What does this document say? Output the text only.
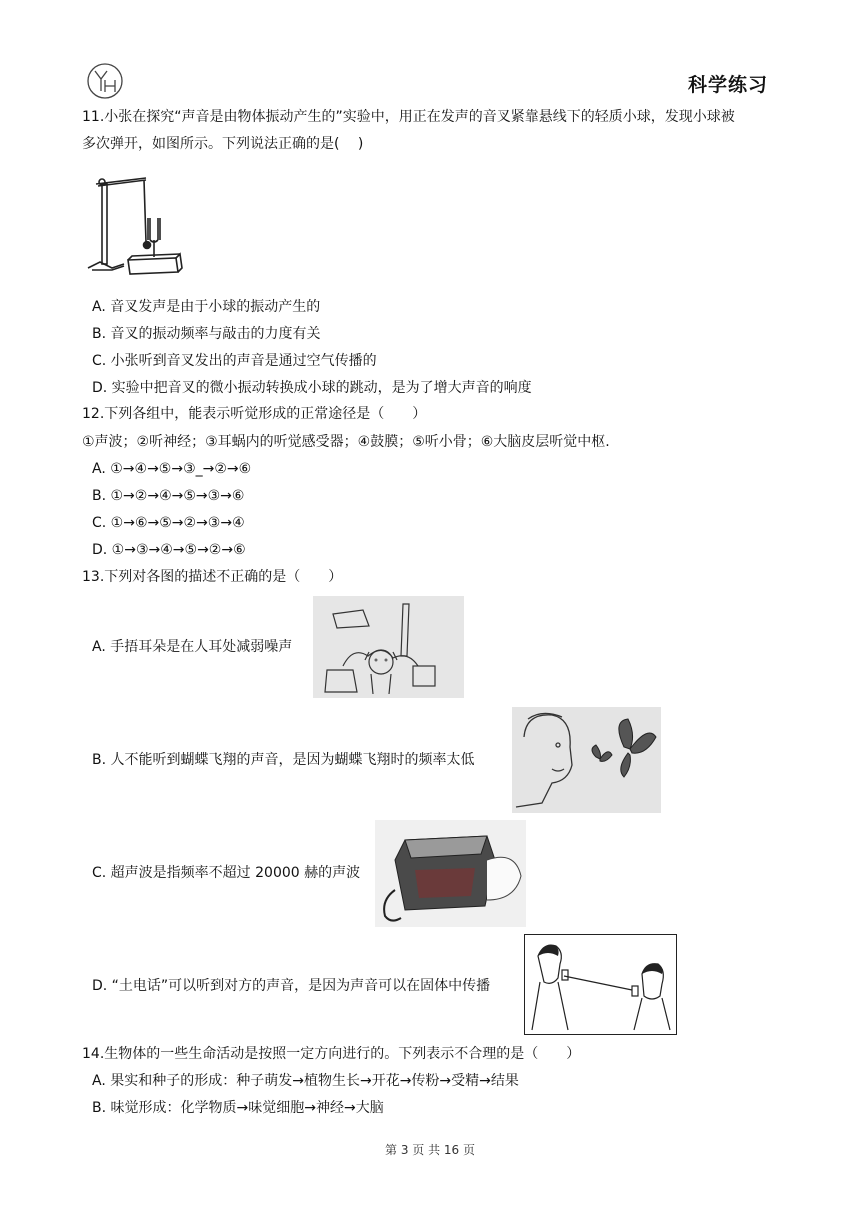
科学练习
11.小张在探究“声音是由物体振动产生的”实验中，用正在发声的音叉紧靠悬线下的轻质小球，发现小球被
多次弹开，如图所示。下列说法正确的是(　 )
A. 音叉发声是由于小球的振动产生的
B. 音叉的振动频率与敲击的力度有关
C. 小张听到音叉发出的声音是通过空气传播的
D. 实验中把音叉的微小振动转换成小球的跳动，是为了增大声音的响度
12.下列各组中，能表示听觉形成的正常途径是（　　）
①声波；②听神经；③耳蜗内的听觉感受器；④鼓膜；⑤听小骨；⑥大脑皮层听觉中枢.
A. ①→④→⑤→③_→②→⑥
B. ①→②→④→⑤→③→⑥
C. ①→⑥→⑤→②→③→④
D. ①→③→④→⑤→②→⑥
13.下列对各图的描述不正确的是（　　）
A. 手捂耳朵是在人耳处减弱噪声
B. 人不能听到蝴蝶飞翔的声音，是因为蝴蝶飞翔时的频率太低
C. 超声波是指频率不超过 20000 赫的声波
D. “土电话”可以听到对方的声音，是因为声音可以在固体中传播
14.生物体的一些生命活动是按照一定方向进行的。下列表示不合理的是（　　）
A. 果实和种子的形成：种子萌发→植物生长→开花→传粉→受精→结果
B. 味觉形成：化学物质→味觉细胞→神经→大脑
第 3 页 共 16 页
